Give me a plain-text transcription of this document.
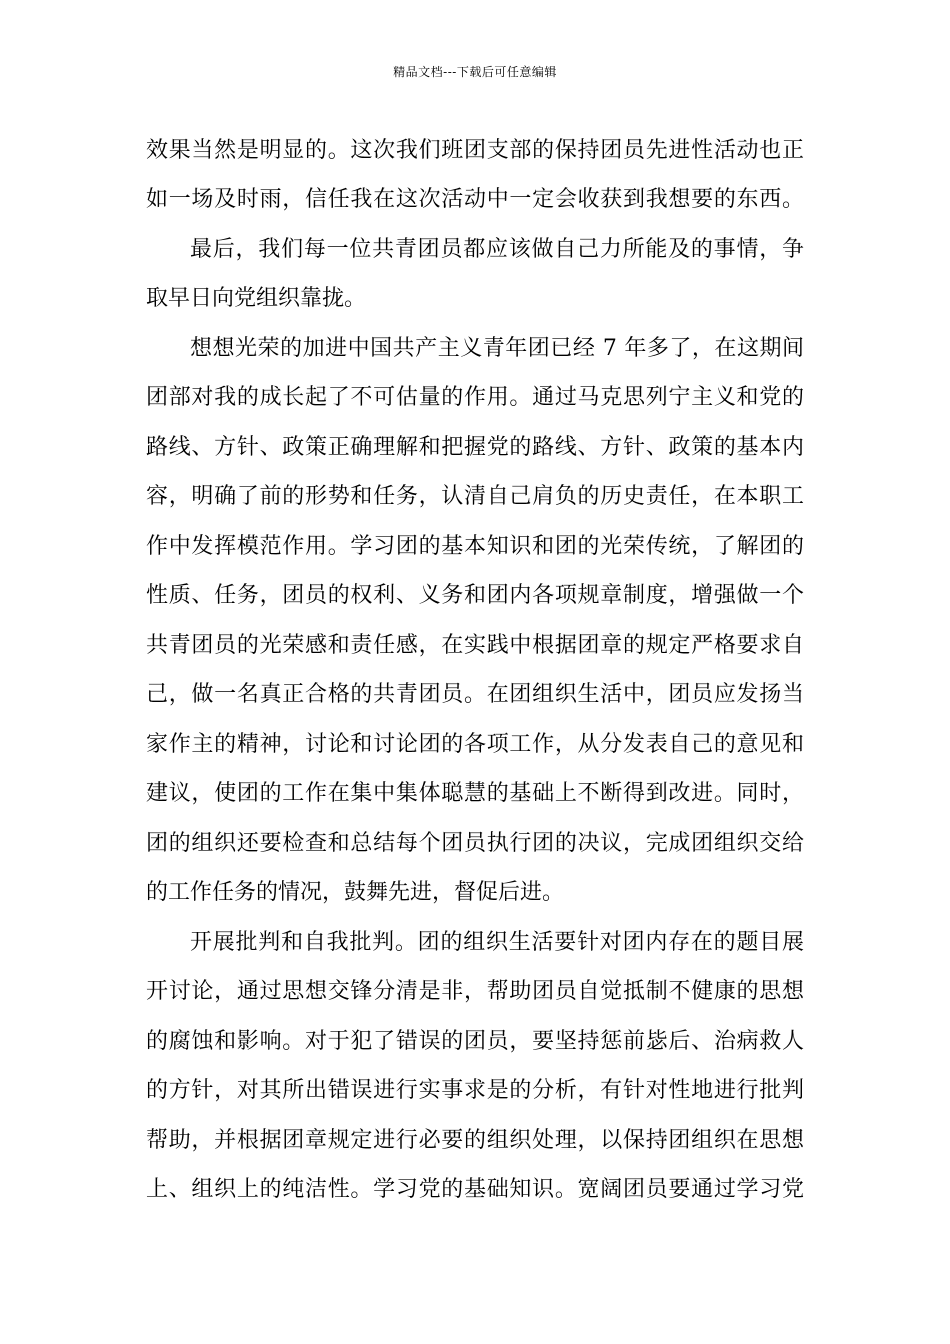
精品文档---下载后可任意编辑
效果当然是明显的。这次我们班团支部的保持团员先进性活动也正
如一场及时雨，信任我在这次活动中一定会收获到我想要的东西。
最后，我们每一位共青团员都应该做自己力所能及的事情，争
取早日向党组织靠拢。
想想光荣的加进中国共产主义青年团已经 7 年多了，在这期间
团部对我的成长起了不可估量的作用。通过马克思列宁主义和党的
路线、方针、政策正确理解和把握党的路线、方针、政策的基本内
容，明确了前的形势和任务，认清自己肩负的历史责任，在本职工
作中发挥模范作用。学习团的基本知识和团的光荣传统，了解团的
性质、任务，团员的权利、义务和团内各项规章制度，增强做一个
共青团员的光荣感和责任感，在实践中根据团章的规定严格要求自
己，做一名真正合格的共青团员。在团组织生活中，团员应发扬当
家作主的精神，讨论和讨论团的各项工作，从分发表自己的意见和
建议，使团的工作在集中集体聪慧的基础上不断得到改进。同时，
团的组织还要检查和总结每个团员执行团的决议，完成团组织交给
的工作任务的情况，鼓舞先进，督促后进。
开展批判和自我批判。团的组织生活要针对团内存在的题目展
开讨论，通过思想交锋分清是非，帮助团员自觉抵制不健康的思想
的腐蚀和影响。对于犯了错误的团员，要坚持惩前毖后、治病救人
的方针，对其所出错误进行实事求是的分析，有针对性地进行批判
帮助，并根据团章规定进行必要的组织处理，以保持团组织在思想
上、组织上的纯洁性。学习党的基础知识。宽阔团员要通过学习党
